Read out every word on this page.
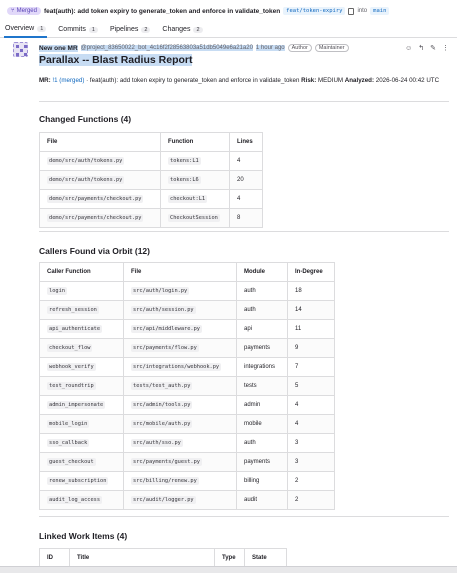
⑂ Merged feat(auth): add token expiry to generate_token and enforce in validate_token	feat/token-expiry	into	main
Overview	1	Commits	1	Pipelines	2	Changes	2
New one MR @project_83650022_bot_4c16f2f28563803a51db5049e6a21a20 1 hour ago	Author	Maintainer	☺ ↰ ✎ ⋮
Parallax -- Blast Radius Report
MR: !1 (merged) · feat(auth): add token expiry to generate_token and enforce in validate_token Risk: MEDIUM Analyzed: 2026-06-24 00:42 UTC
Changed Functions (4)
File	Function	Lines
demo/src/auth/tokens.py	tokens:L1	4
demo/src/auth/tokens.py	tokens:L6	20
demo/src/payments/checkout.py	checkout:L1	4
demo/src/payments/checkout.py	CheckoutSession	8
Callers Found via Orbit (12)
Caller Function	File	Module	In-Degree
login	src/auth/login.py	auth	18
refresh_session	src/auth/session.py	auth	14
api_authenticate	src/api/middleware.py	api	11
checkout_flow	src/payments/flow.py	payments	9
webhook_verify	src/integrations/webhook.py	integrations	7
test_roundtrip	tests/test_auth.py	tests	5
admin_impersonate	src/admin/tools.py	admin	4
mobile_login	src/mobile/auth.py	mobile	4
sso_callback	src/auth/sso.py	auth	3
guest_checkout	src/payments/guest.py	payments	3
renew_subscription	src/billing/renew.py	billing	2
audit_log_access	src/audit/logger.py	audit	2
Linked Work Items (4)
ID	Title	Type	State
